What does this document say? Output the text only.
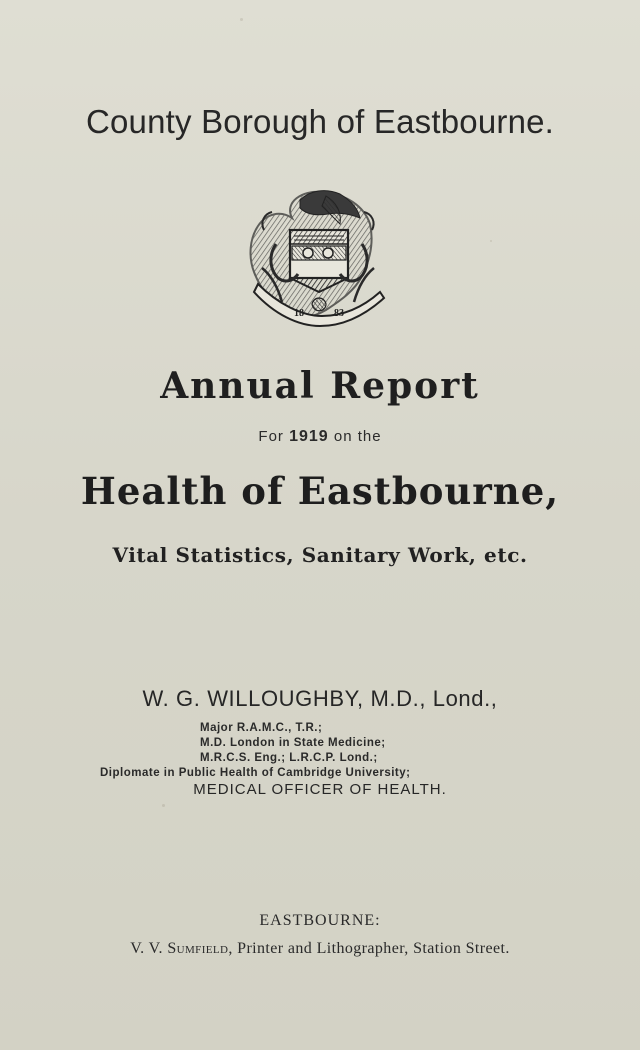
County Borough of Eastbourne.
18	83
Annual Report
For 1919 on the
Health of Eastbourne,
Vital Statistics, Sanitary Work, etc.
W. G. WILLOUGHBY, M.D., Lond.,
Major R.A.M.C., T.R.;
M.D. London in State Medicine;
M.R.C.S. Eng.; L.R.C.P. Lond.;
Diplomate in Public Health of Cambridge University;
MEDICAL OFFICER OF HEALTH.
EASTBOURNE:
V. V. Sumfield, Printer and Lithographer, Station Street.
